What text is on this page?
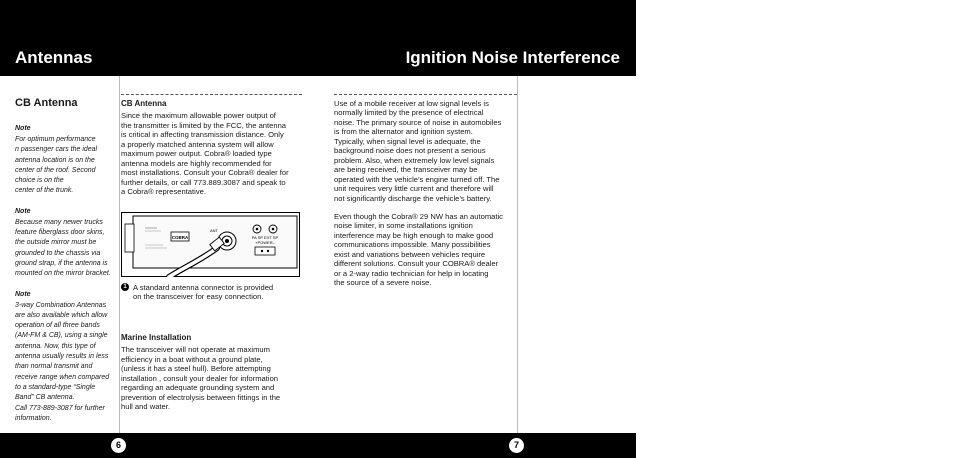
Antennas	Ignition Noise Interference
CB Antenna
Note
For optimum performance
n passenger cars the ideal
antenna location is on the
center of the roof. Second
choice is on the
center of the trunk.
Note
Because many newer trucks
feature fiberglass door skins,
the outside mirror must be
grounded to the chassis via
ground strap, if the antenna is
mounted on the mirror bracket.
Note
3-way Combination Antennas
are also available which allow
operation of all three bands
(AM-FM & CB), using a single
antenna. Now, this type of
antenna usually results in less
than normal transmit and
receive range when compared
to a standard-type “Single
Band” CB antenna.
Call 773-889-3087 for further
information.
CB Antenna

Since the maximum allowable power output of
the transmitter is limited by the FCC, the antenna
is critical in affecting transmission distance. Only
a properly matched antenna system will allow
maximum power output. Cobra® loaded type
antenna models are highly recommended for
most installations. Consult your Cobra® dealer for
further details, or call 773.889.3087 and speak to
a Cobra® representative.

COBRA
ANT
PA SP EXT SP
+POWER–
1 A standard antenna connector is provided
on the transceiver for easy connection.
Marine Installation

The transceiver will not operate at maximum
efficiency in a boat without a ground plate,
(unless it has a steel hull). Before attempting
installation , consult your dealer for information
regarding an adequate grounding system and
prevention of electrolysis between fittings in the
hull and water.

Use of a mobile receiver at low signal levels is
normally limited by the presence of electrical
noise. The primary source of noise in automobiles
is from the alternator and ignition system.
Typically, when signal level is adequate, the
background noise does not present a serious
problem. Also, when extremely low level signals
are being received, the transceiver may be
operated with the vehicle’s engine turned off. The
unit requires very little current and therefore will
not significantly discharge the vehicle’s battery.

Even though the Cobra® 29 NW has an automatic
noise limiter, in some installations ignition
interference may be high enough to make good
communications impossible. Many possibilities
exist and variations between vehicles require
different solutions. Consult your COBRA® dealer
or a 2-way radio technician for help in locating
the source of a severe noise.

6	7
